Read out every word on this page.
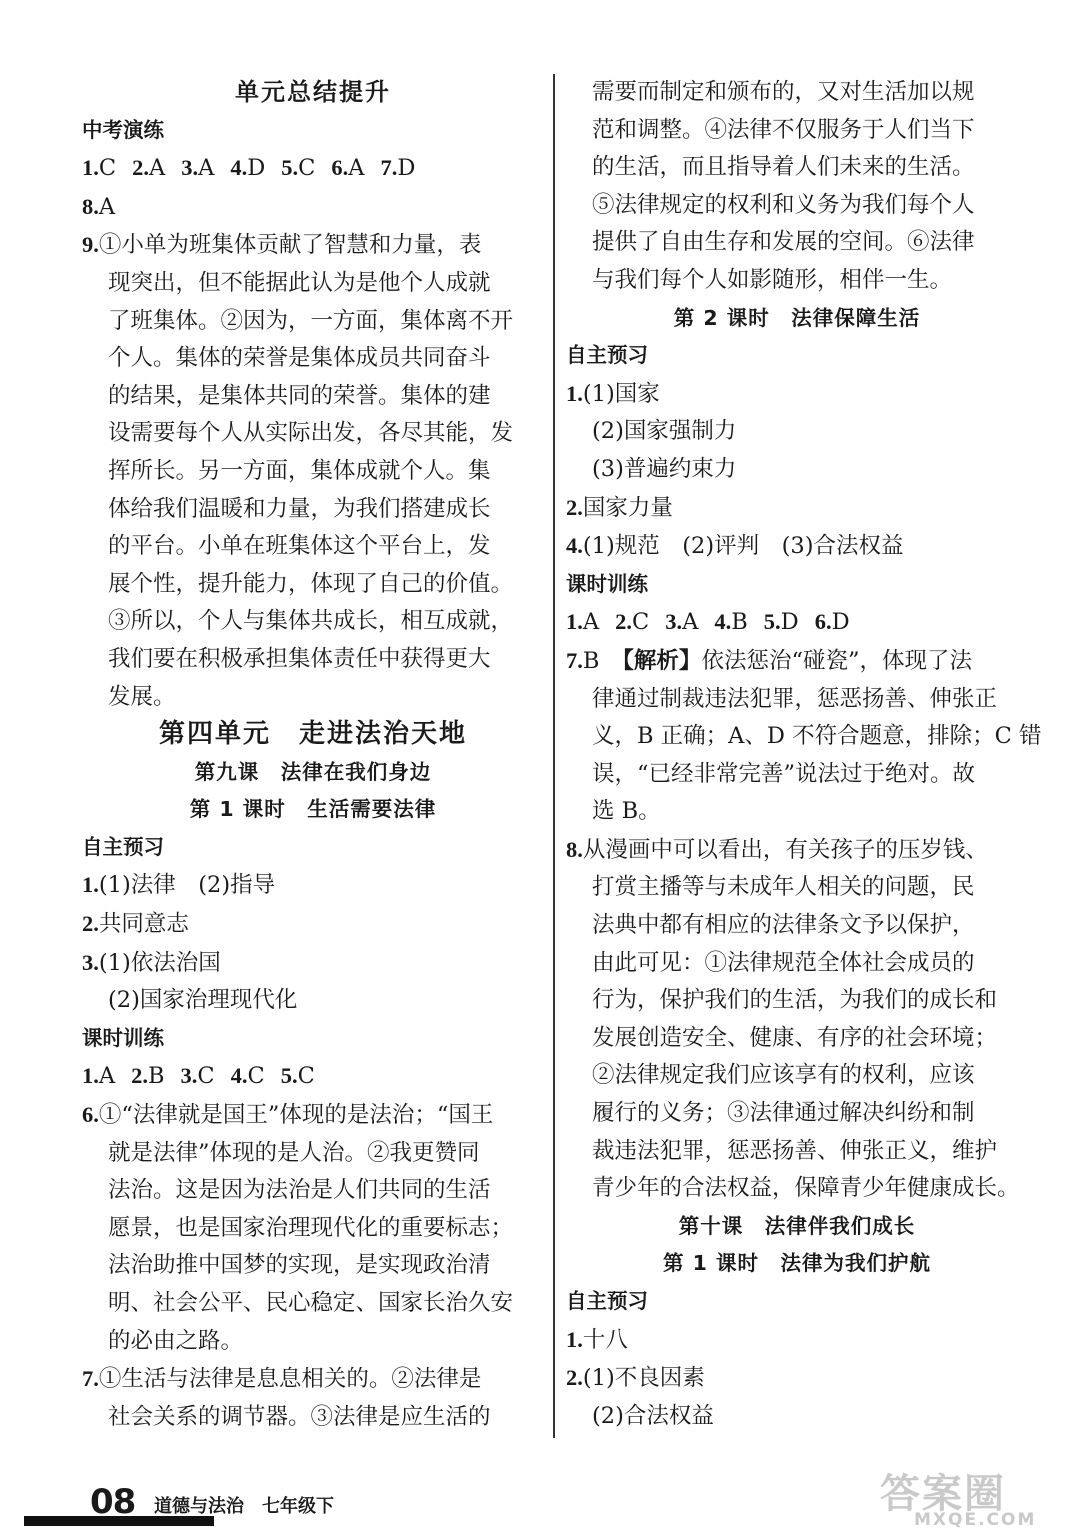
单元总结提升
中考演练
1.C 2.A 3.A 4.D 5.C 6.A 7.D
8.A
9.①小单为班集体贡献了智慧和力量，表
现突出，但不能据此认为是他个人成就
了班集体。②因为，一方面，集体离不开
个人。集体的荣誉是集体成员共同奋斗
的结果，是集体共同的荣誉。集体的建
设需要每个人从实际出发，各尽其能，发
挥所长。另一方面，集体成就个人。集
体给我们温暖和力量，为我们搭建成长
的平台。小单在班集体这个平台上，发
展个性，提升能力，体现了自己的价值。
③所以，个人与集体共成长，相互成就，
我们要在积极承担集体责任中获得更大
发展。
第四单元　走进法治天地
第九课　法律在我们身边
第 1 课时　生活需要法律
自主预习
1.(1)法律　(2)指导
2.共同意志
3.(1)依法治国
(2)国家治理现代化
课时训练
1.A 2.B 3.C 4.C 5.C
6.①“法律就是国王”体现的是法治；“国王
就是法律”体现的是人治。②我更赞同
法治。这是因为法治是人们共同的生活
愿景，也是国家治理现代化的重要标志；
法治助推中国梦的实现，是实现政治清
明、社会公平、民心稳定、国家长治久安
的必由之路。
7.①生活与法律是息息相关的。②法律是
社会关系的调节器。③法律是应生活的
需要而制定和颁布的，又对生活加以规
范和调整。④法律不仅服务于人们当下
的生活，而且指导着人们未来的生活。
⑤法律规定的权利和义务为我们每个人
提供了自由生存和发展的空间。⑥法律
与我们每个人如影随形，相伴一生。
第 2 课时　法律保障生活
自主预习
1.(1)国家
(2)国家强制力
(3)普遍约束力
2.国家力量
4.(1)规范　(2)评判　(3)合法权益
课时训练
1.A 2.C 3.A 4.B 5.D 6.D
7.B 【解析】依法惩治“碰瓷”，体现了法
律通过制裁违法犯罪，惩恶扬善、伸张正
义，B 正确；A、D 不符合题意，排除；C 错
误，“已经非常完善”说法过于绝对。故
选 B。
8.从漫画中可以看出，有关孩子的压岁钱、
打赏主播等与未成年人相关的问题，民
法典中都有相应的法律条文予以保护，
由此可见：①法律规范全体社会成员的
行为，保护我们的生活，为我们的成长和
发展创造安全、健康、有序的社会环境；
②法律规定我们应该享有的权利，应该
履行的义务；③法律通过解决纠纷和制
裁违法犯罪，惩恶扬善、伸张正义，维护
青少年的合法权益，保障青少年健康成长。
第十课　法律伴我们成长
第 1 课时　法律为我们护航
自主预习
1.十八
2.(1)不良因素
(2)合法权益
08 道德与法治　七年级下	答案圈
MXQE.COM
